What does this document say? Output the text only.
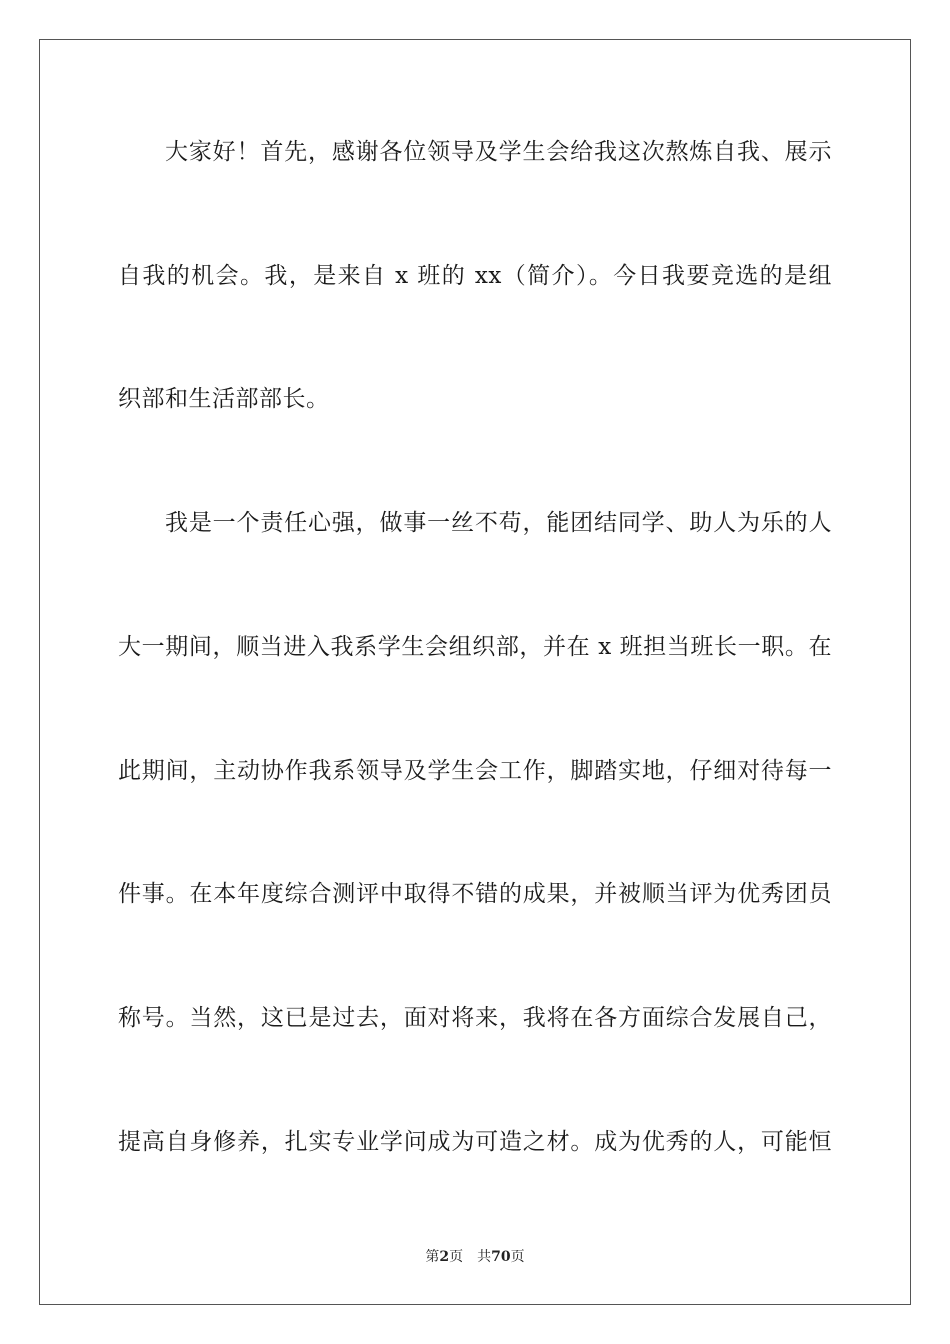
大家好！首先，感谢各位领导及学生会给我这次熬炼自我、展示
自我的机会。我，是来自 x 班的 xx（简介）。今日我要竞选的是组
织部和生活部部长。
我是一个责任心强，做事一丝不苟，能团结同学、助人为乐的人
大一期间，顺当进入我系学生会组织部，并在 x 班担当班长一职。在
此期间，主动协作我系领导及学生会工作，脚踏实地，仔细对待每一
件事。在本年度综合测评中取得不错的成果，并被顺当评为优秀团员
称号。当然，这已是过去，面对将来，我将在各方面综合发展自己，
提高自身修养，扎实专业学问成为可造之材。成为优秀的人，可能恒
第2页 共70页
